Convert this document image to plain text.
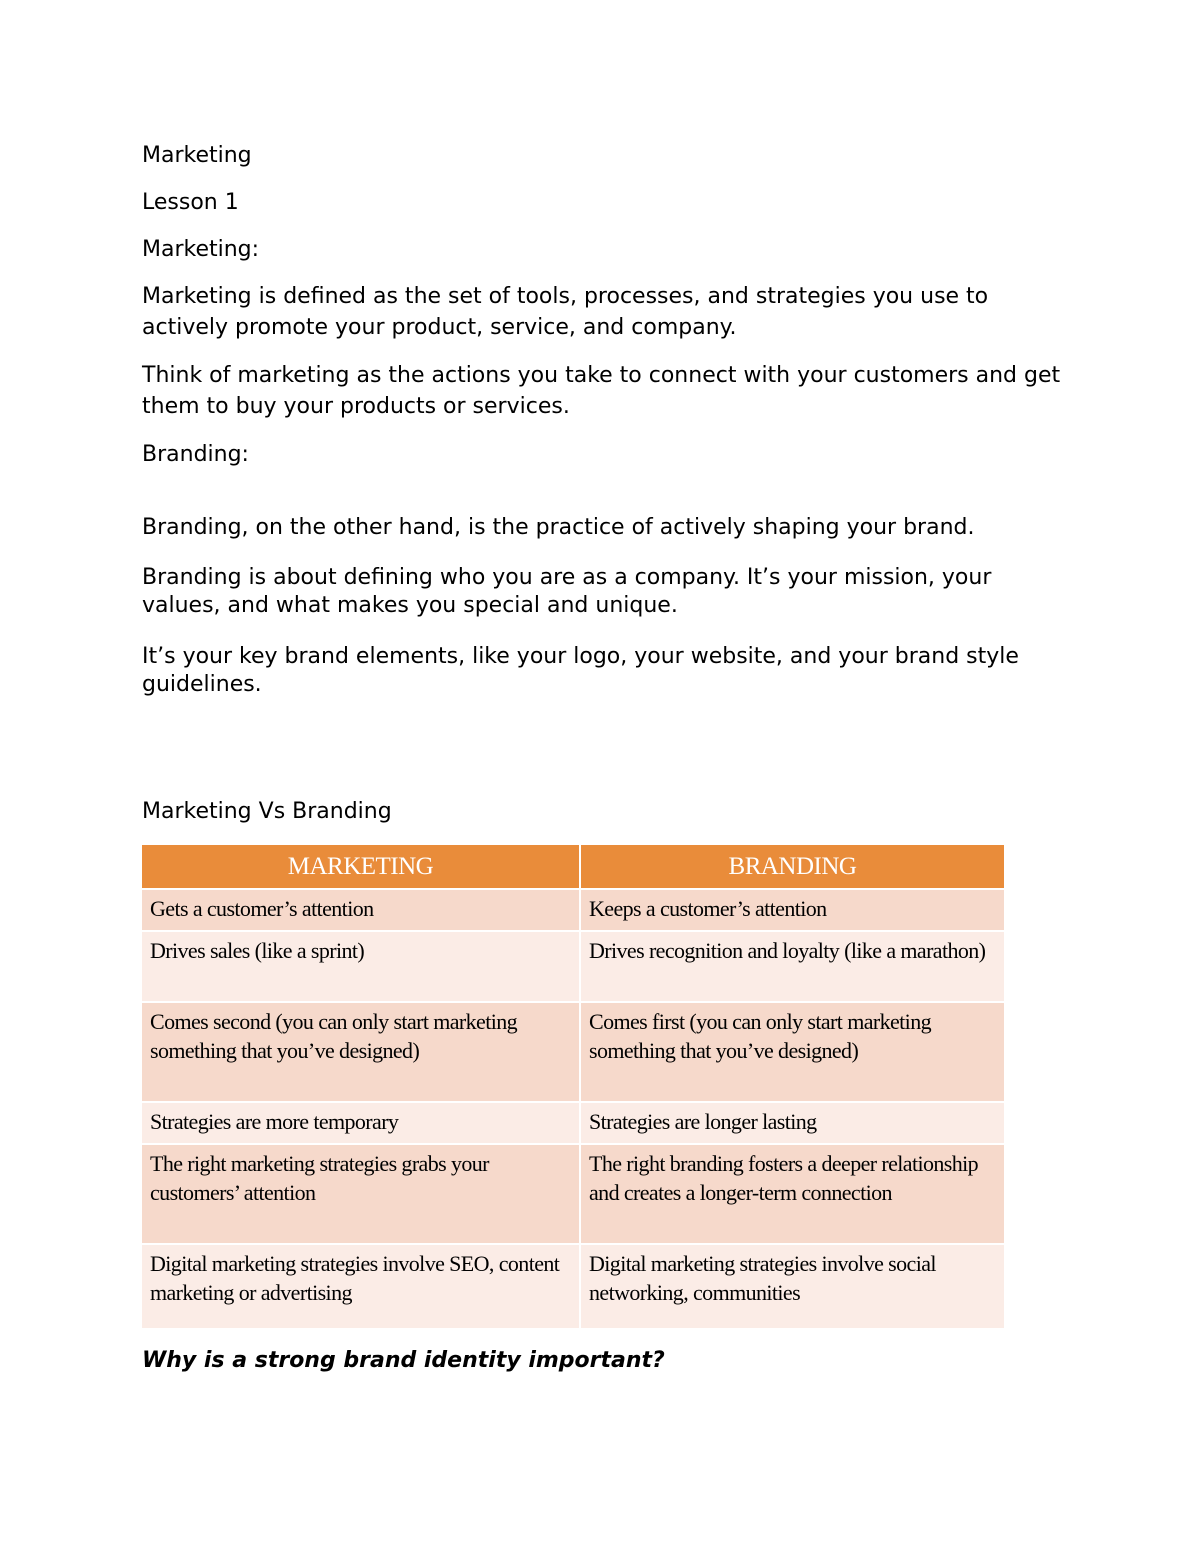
Marketing
Lesson 1
Marketing:
Marketing is defined as the set of tools, processes, and strategies you use to actively promote your product, service, and company.
Think of marketing as the actions you take to connect with your customers and get them to buy your products or services.
Branding:
Branding, on the other hand, is the practice of actively shaping your brand.
Branding is about defining who you are as a company. It’s your mission, your values, and what makes you special and unique.
It’s your key brand elements, like your logo, your website, and your brand style guidelines.
Marketing Vs Branding
MARKETING	BRANDING
Gets a customer’s attention	Keeps a customer’s attention
Drives sales (like a sprint)	Drives recognition and loyalty (like a marathon)
Comes second (you can only start marketing something that you’ve designed)	Comes first (you can only start marketing something that you’ve designed)
Strategies are more temporary	Strategies are longer lasting
The right marketing strategies grabs your customers’ attention	The right branding fosters a deeper relationship and creates a longer-term connection
Digital marketing strategies involve SEO, content marketing or advertising	Digital marketing strategies involve social networking, communities
Why is a strong brand identity important?
